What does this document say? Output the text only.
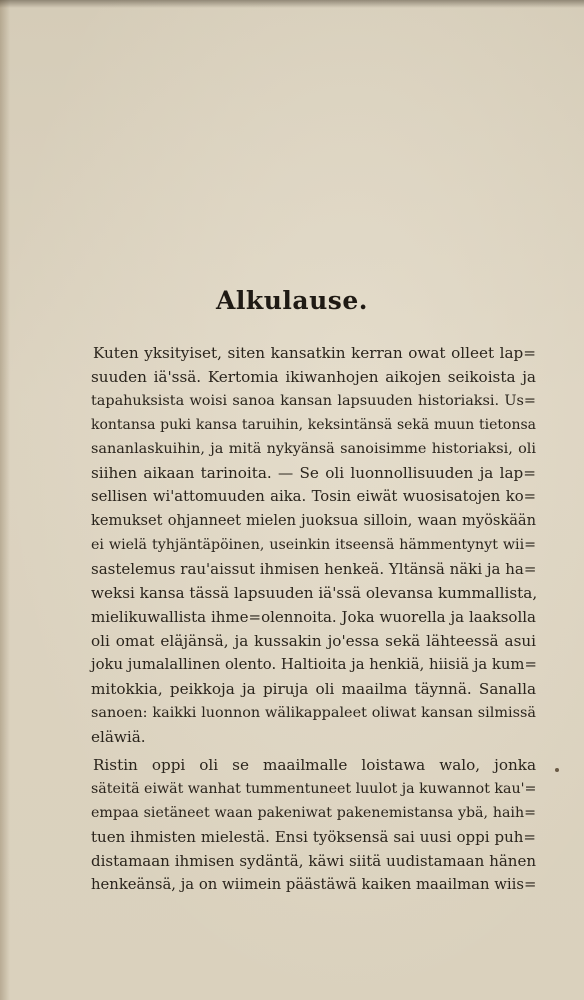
Alkulause.
Kuten yksityiset, siten kansatkin kerran owat olleet lap=
suuden iä'ssä. Kertomia ikiwanhojen aikojen seikoista ja
tapahuksista woisi sanoa kansan lapsuuden historiaksi. Us=
kontansa puki kansa taruihin, keksintänsä sekä muun tietonsa
sananlaskuihin, ja mitä nykyänsä sanoisimme historiaksi, oli
siihen aikaan tarinoita. — Se oli luonnollisuuden ja lap=
sellisen wi'attomuuden aika. Tosin eiwät wuosisatojen ko=
kemukset ohjanneet mielen juoksua silloin, waan myöskään
ei wielä tyhjäntäpöinen, useinkin itseensä hämmentynyt wii=
sastelemus rau'aissut ihmisen henkeä. Yltänsä näki ja ha=
weksi kansa tässä lapsuuden iä'ssä olevansa kummallista,
mielikuwallista ihme=olennoita. Joka wuorella ja laaksolla
oli omat eläjänsä, ja kussakin jo'essa sekä lähteessä asui
joku jumalallinen olento. Haltioita ja henkiä, hiisiä ja kum=
mitokkia, peikkoja ja piruja oli maailma täynnä. Sanalla
sanoen: kaikki luonnon wälikappaleet oliwat kansan silmissä
eläwiä.
Ristin oppi oli se maailmalle loistawa walo, jonka
säteitä eiwät wanhat tummentuneet luulot ja kuwannot kau'=
empaa sietäneet waan pakeniwat pakenemistansa ybä, haih=
tuen ihmisten mielestä. Ensi työksensä sai uusi oppi puh=
distamaan ihmisen sydäntä, käwi siitä uudistamaan hänen
henkeänsä, ja on wiimein päästäwä kaiken maailman wiis=
